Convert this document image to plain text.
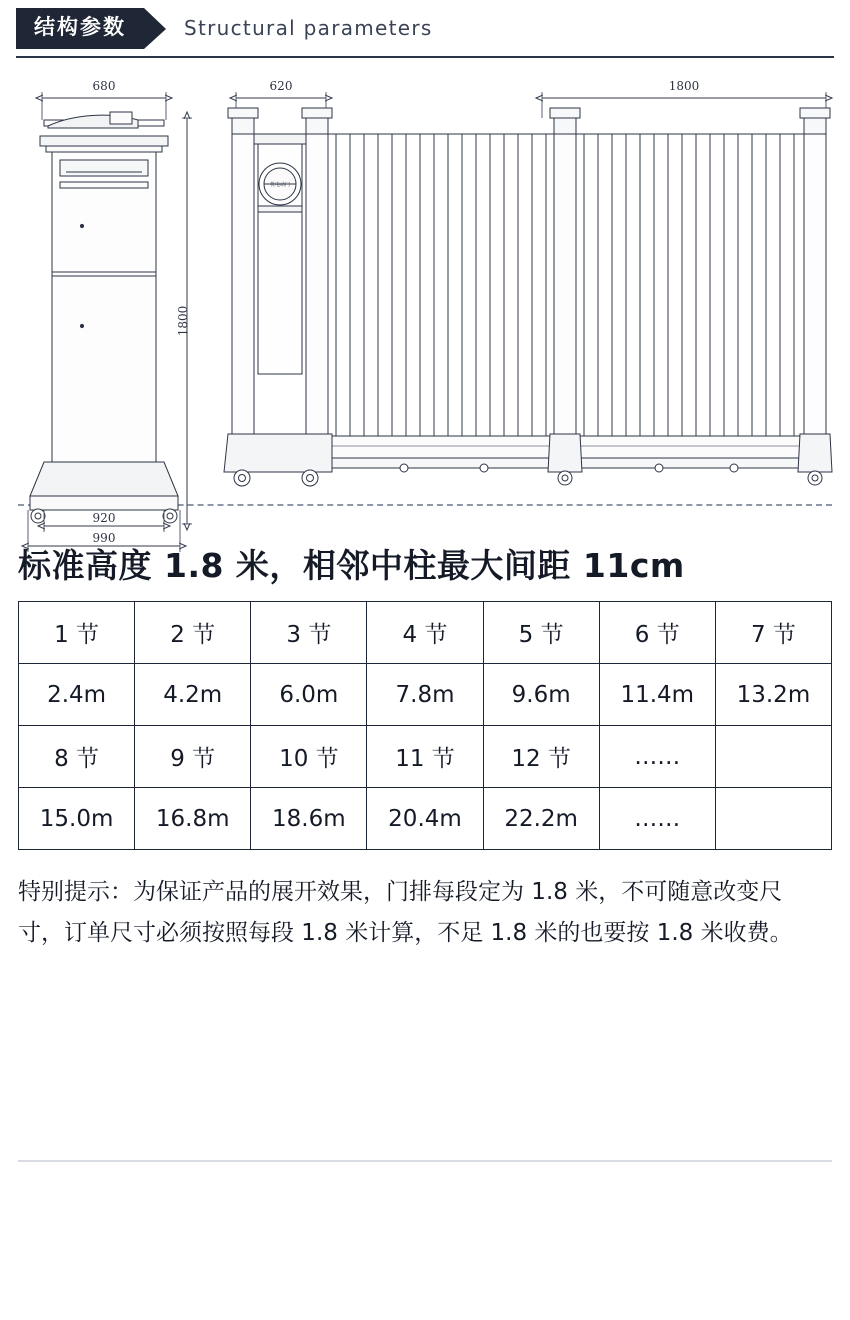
结构参数	Structural parameters
680
920
990
620	1800
1800
机电动门
标准高度 1.8 米，相邻中柱最大间距 11cm
1 节	2 节	3 节	4 节	5 节	6 节	7 节
2.4m	4.2m	6.0m	7.8m	9.6m	11.4m	13.2m
8 节	9 节	10 节	11 节	12 节	……	
15.0m	16.8m	18.6m	20.4m	22.2m	……	
特别提示：为保证产品的展开效果，门排每段定为 1.8 米，不可随意改变尺寸，订单尺寸必须按照每段 1.8 米计算，不足 1.8 米的也要按 1.8 米收费。
